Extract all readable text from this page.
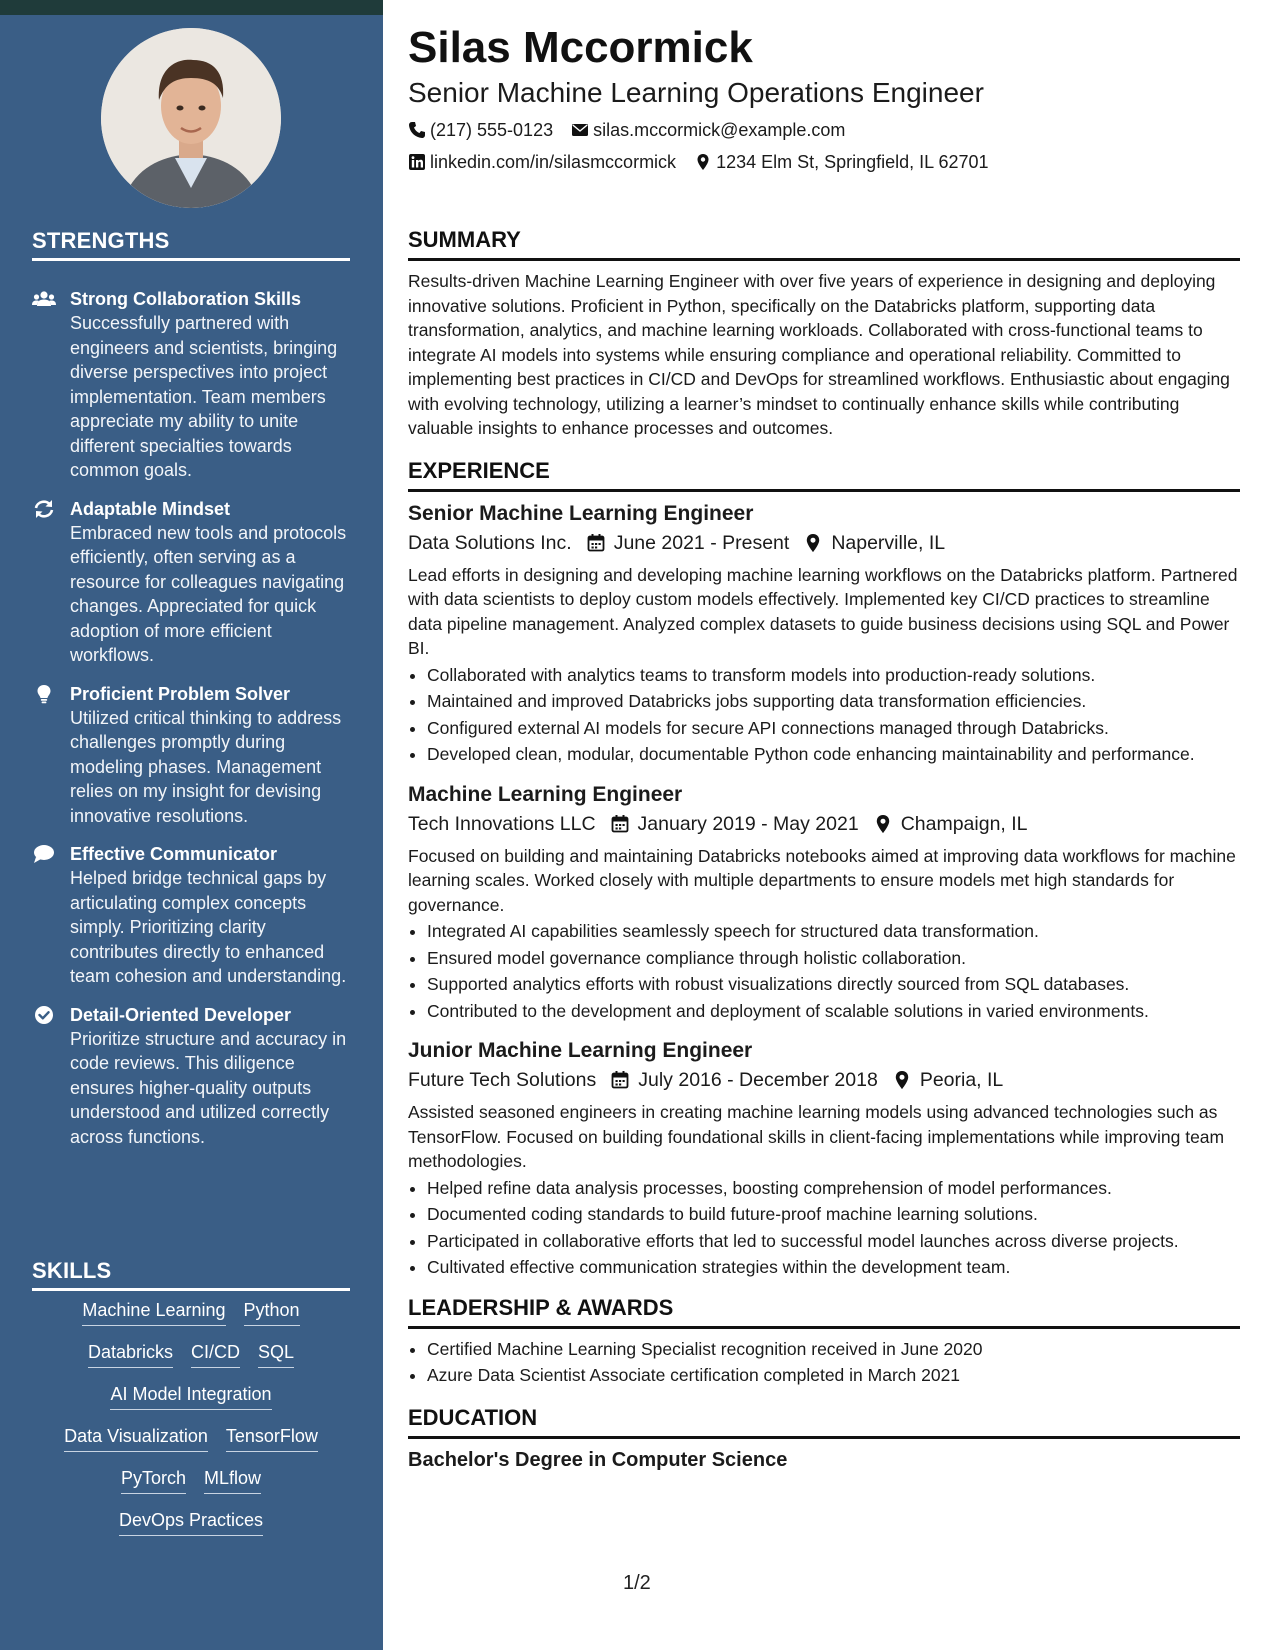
STRENGTHS
Strong Collaboration Skills
Successfully partnered with engineers and scientists, bringing diverse perspectives into project implementation. Team members appreciate my ability to unite different specialties towards common goals.
Adaptable Mindset
Embraced new tools and protocols efficiently, often serving as a resource for colleagues navigating changes. Appreciated for quick adoption of more efficient workflows.
Proficient Problem Solver
Utilized critical thinking to address challenges promptly during modeling phases. Management relies on my insight for devising innovative resolutions.
Effective Communicator
Helped bridge technical gaps by articulating complex concepts simply. Prioritizing clarity contributes directly to enhanced team cohesion and understanding.
Detail-Oriented Developer
Prioritize structure and accuracy in code reviews. This diligence ensures higher-quality outputs understood and utilized correctly across functions.
SKILLS
Machine Learning Python
Databricks CI/CD SQL
AI Model Integration
Data Visualization TensorFlow
PyTorch MLflow
DevOps Practices
Silas Mccormick
Senior Machine Learning Operations Engineer
(217) 555-0123 silas.mccormick@example.com
linkedin.com/in/silasmccormick 1234 Elm St, Springfield, IL 62701
SUMMARY
Results-driven Machine Learning Engineer with over five years of experience in designing and deploying innovative solutions. Proficient in Python, specifically on the Databricks platform, supporting data transformation, analytics, and machine learning workloads. Collaborated with cross-functional teams to integrate AI models into systems while ensuring compliance and operational reliability. Committed to implementing best practices in CI/CD and DevOps for streamlined workflows. Enthusiastic about engaging with evolving technology, utilizing a learner’s mindset to continually enhance skills while contributing valuable insights to enhance processes and outcomes.
EXPERIENCE
Senior Machine Learning Engineer
Data Solutions Inc. June 2021 - Present Naperville, IL
Lead efforts in designing and developing machine learning workflows on the Databricks platform. Partnered with data scientists to deploy custom models effectively. Implemented key CI/CD practices to streamline data pipeline management. Analyzed complex datasets to guide business decisions using SQL and Power BI.
• Collaborated with analytics teams to transform models into production-ready solutions.
• Maintained and improved Databricks jobs supporting data transformation efficiencies.
• Configured external AI models for secure API connections managed through Databricks.
• Developed clean, modular, documentable Python code enhancing maintainability and performance.
Machine Learning Engineer
Tech Innovations LLC January 2019 - May 2021 Champaign, IL
Focused on building and maintaining Databricks notebooks aimed at improving data workflows for machine learning scales. Worked closely with multiple departments to ensure models met high standards for governance.
• Integrated AI capabilities seamlessly speech for structured data transformation.
• Ensured model governance compliance through holistic collaboration.
• Supported analytics efforts with robust visualizations directly sourced from SQL databases.
• Contributed to the development and deployment of scalable solutions in varied environments.
Junior Machine Learning Engineer
Future Tech Solutions July 2016 - December 2018 Peoria, IL
Assisted seasoned engineers in creating machine learning models using advanced technologies such as TensorFlow. Focused on building foundational skills in client-facing implementations while improving team methodologies.
• Helped refine data analysis processes, boosting comprehension of model performances.
• Documented coding standards to build future-proof machine learning solutions.
• Participated in collaborative efforts that led to successful model launches across diverse projects.
• Cultivated effective communication strategies within the development team.
LEADERSHIP & AWARDS
• Certified Machine Learning Specialist recognition received in June 2020
• Azure Data Scientist Associate certification completed in March 2021
EDUCATION
Bachelor's Degree in Computer Science
1/2
